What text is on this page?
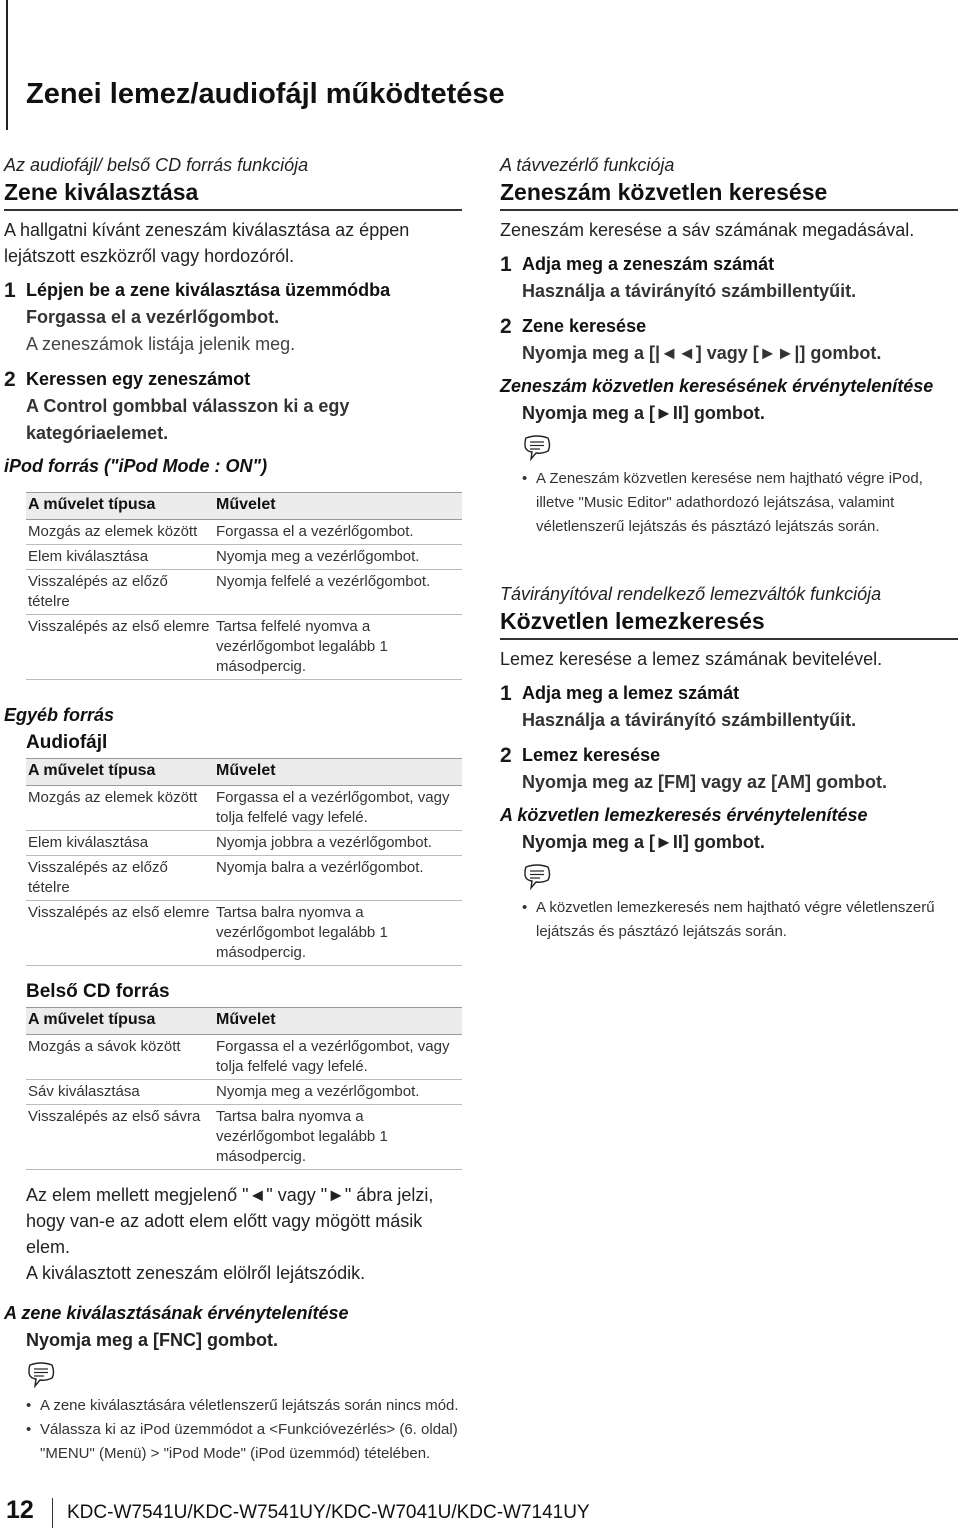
Zenei lemez/audiofájl működtetése
Az audiofájl/ belső CD forrás funkciója
Zene kiválasztása
A hallgatni kívánt zeneszám kiválasztása az éppen lejátszott eszközről vagy hordozóról.
1 Lépjen be a zene kiválasztása üzemmódba
Forgassa el a vezérlőgombot.
A zeneszámok listája jelenik meg.
2 Keressen egy zeneszámot
A Control gombbal válasszon ki a egy kategóriaelemet.
iPod forrás ("iPod Mode : ON")
A művelet típusa	Művelet
Mozgás az elemek között	Forgassa el a vezérlőgombot.
Elem kiválasztása	Nyomja meg a vezérlőgombot.
Visszalépés az előző tételre	Nyomja felfelé a vezérlőgombot.
Visszalépés az első elemre	Tartsa felfelé nyomva a vezérlőgombot legalább 1 másodpercig.
Egyéb forrás
Audiofájl
A művelet típusa	Művelet
Mozgás az elemek között	Forgassa el a vezérlőgombot, vagy tolja felfelé vagy lefelé.
Elem kiválasztása	Nyomja jobbra a vezérlőgombot.
Visszalépés az előző tételre	Nyomja balra a vezérlőgombot.
Visszalépés az első elemre	Tartsa balra nyomva a vezérlőgombot legalább 1 másodpercig.
Belső CD forrás
A művelet típusa	Művelet
Mozgás a sávok között	Forgassa el a vezérlőgombot, vagy tolja felfelé vagy lefelé.
Sáv kiválasztása	Nyomja meg a vezérlőgombot.
Visszalépés az első sávra	Tartsa balra nyomva a vezérlőgombot legalább 1 másodpercig.
Az elem mellett megjelenő "◄" vagy "►" ábra jelzi, hogy van-e az adott elem előtt vagy mögött másik elem.
A kiválasztott zeneszám elölről lejátszódik.
A zene kiválasztásának érvénytelenítése
Nyomja meg a [FNC] gombot.
• A zene kiválasztására véletlenszerű lejátszás során nincs mód.
• Válassza ki az iPod üzemmódot a <Funkcióvezérlés> (6. oldal) "MENU" (Menü) > "iPod Mode" (iPod üzemmód) tételében.
A távvezérlő funkciója
Zeneszám közvetlen keresése
Zeneszám keresése a sáv számának megadásával.
1 Adja meg a zeneszám számát
Használja a távirányító számbillentyűit.
2 Zene keresése
Nyomja meg a [|◄◄] vagy [►►|] gombot.
Zeneszám közvetlen keresésének érvénytelenítése
Nyomja meg a [►II] gombot.
• A Zeneszám közvetlen keresése nem hajtható végre iPod, illetve "Music Editor" adathordozó lejátszása, valamint véletlenszerű lejátszás és pásztázó lejátszás során.
Távirányítóval rendelkező lemezváltók funkciója
Közvetlen lemezkeresés
Lemez keresése a lemez számának bevitelével.
1 Adja meg a lemez számát
Használja a távirányító számbillentyűit.
2 Lemez keresése
Nyomja meg az [FM] vagy az [AM] gombot.
A közvetlen lemezkeresés érvénytelenítése
Nyomja meg a [►II] gombot.
• A közvetlen lemezkeresés nem hajtható végre véletlenszerű lejátszás és pásztázó lejátszás során.
12 KDC-W7541U/KDC-W7541UY/KDC-W7041U/KDC-W7141UY
